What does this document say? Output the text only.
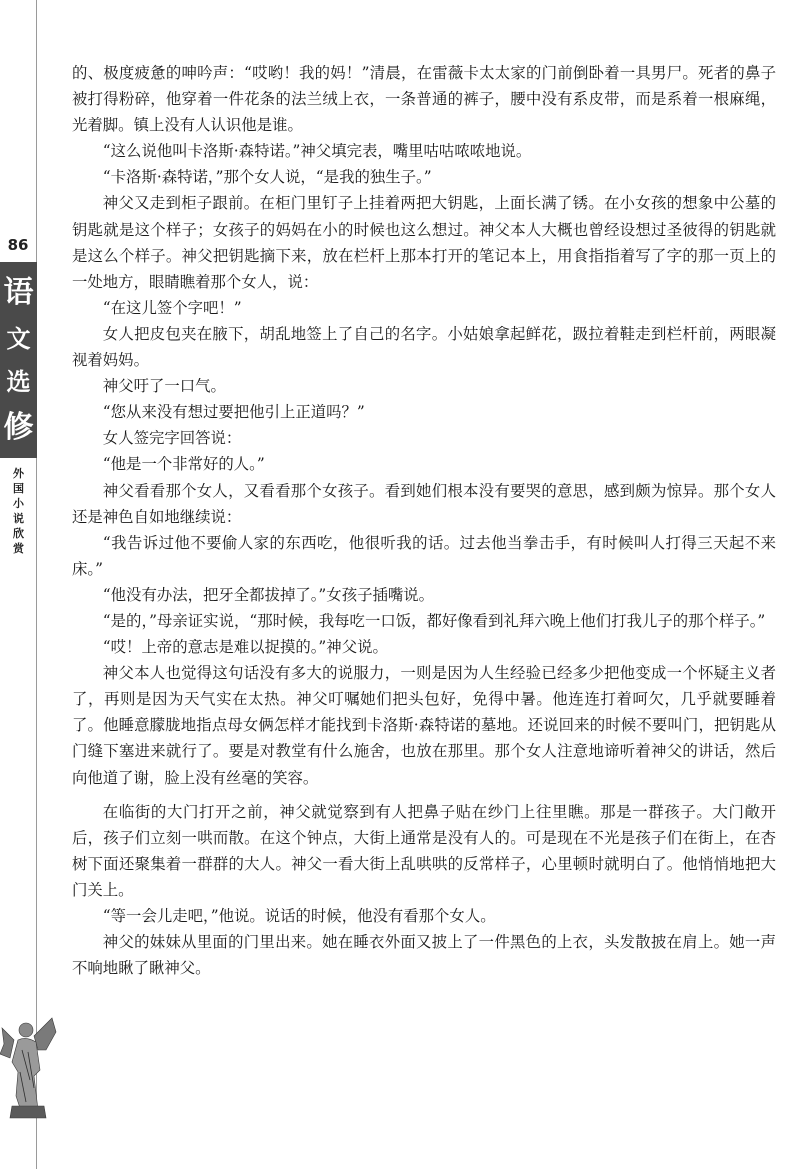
86
语
文
选
修
外
国
小
说
欣
赏

的、极度疲惫的呻吟声：“哎哟！我的妈！”清晨，在雷薇卡太太家的门前倒卧着一具男尸。死者的鼻子被打得粉碎，他穿着一件花条的法兰绒上衣，一条普通的裤子，腰中没有系皮带，而是系着一根麻绳，光着脚。镇上没有人认识他是谁。

“这么说他叫卡洛斯·森特诺。”神父填完表，嘴里咕咕哝哝地说。

“卡洛斯·森特诺，”那个女人说，“是我的独生子。”

神父又走到柜子跟前。在柜门里钉子上挂着两把大钥匙，上面长满了锈。在小女孩的想象中公墓的钥匙就是这个样子；女孩子的妈妈在小的时候也这么想过。神父本人大概也曾经设想过圣彼得的钥匙就是这么个样子。神父把钥匙摘下来，放在栏杆上那本打开的笔记本上，用食指指着写了字的那一页上的一处地方，眼睛瞧着那个女人，说：

“在这儿签个字吧！”

女人把皮包夹在腋下，胡乱地签上了自己的名字。小姑娘拿起鲜花，趿拉着鞋走到栏杆前，两眼凝视着妈妈。

神父吁了一口气。

“您从来没有想过要把他引上正道吗？”

女人签完字回答说：

“他是一个非常好的人。”

神父看看那个女人，又看看那个女孩子。看到她们根本没有要哭的意思，感到颇为惊异。那个女人还是神色自如地继续说：

“我告诉过他不要偷人家的东西吃，他很听我的话。过去他当拳击手，有时候叫人打得三天起不来床。”

“他没有办法，把牙全都拔掉了。”女孩子插嘴说。

“是的，”母亲证实说，“那时候，我每吃一口饭，都好像看到礼拜六晚上他们打我儿子的那个样子。”

“哎！上帝的意志是难以捉摸的。”神父说。

神父本人也觉得这句话没有多大的说服力，一则是因为人生经验已经多少把他变成一个怀疑主义者了，再则是因为天气实在太热。神父叮嘱她们把头包好，免得中暑。他连连打着呵欠，几乎就要睡着了。他睡意朦胧地指点母女俩怎样才能找到卡洛斯·森特诺的墓地。还说回来的时候不要叫门，把钥匙从门缝下塞进来就行了。要是对教堂有什么施舍，也放在那里。那个女人注意地谛听着神父的讲话，然后向他道了谢，脸上没有丝毫的笑容。

在临街的大门打开之前，神父就觉察到有人把鼻子贴在纱门上往里瞧。那是一群孩子。大门敞开后，孩子们立刻一哄而散。在这个钟点，大街上通常是没有人的。可是现在不光是孩子们在街上，在杏树下面还聚集着一群群的大人。神父一看大街上乱哄哄的反常样子，心里顿时就明白了。他悄悄地把大门关上。

“等一会儿走吧，”他说。说话的时候，他没有看那个女人。

神父的妹妹从里面的门里出来。她在睡衣外面又披上了一件黑色的上衣，头发散披在肩上。她一声不响地瞅了瞅神父。
